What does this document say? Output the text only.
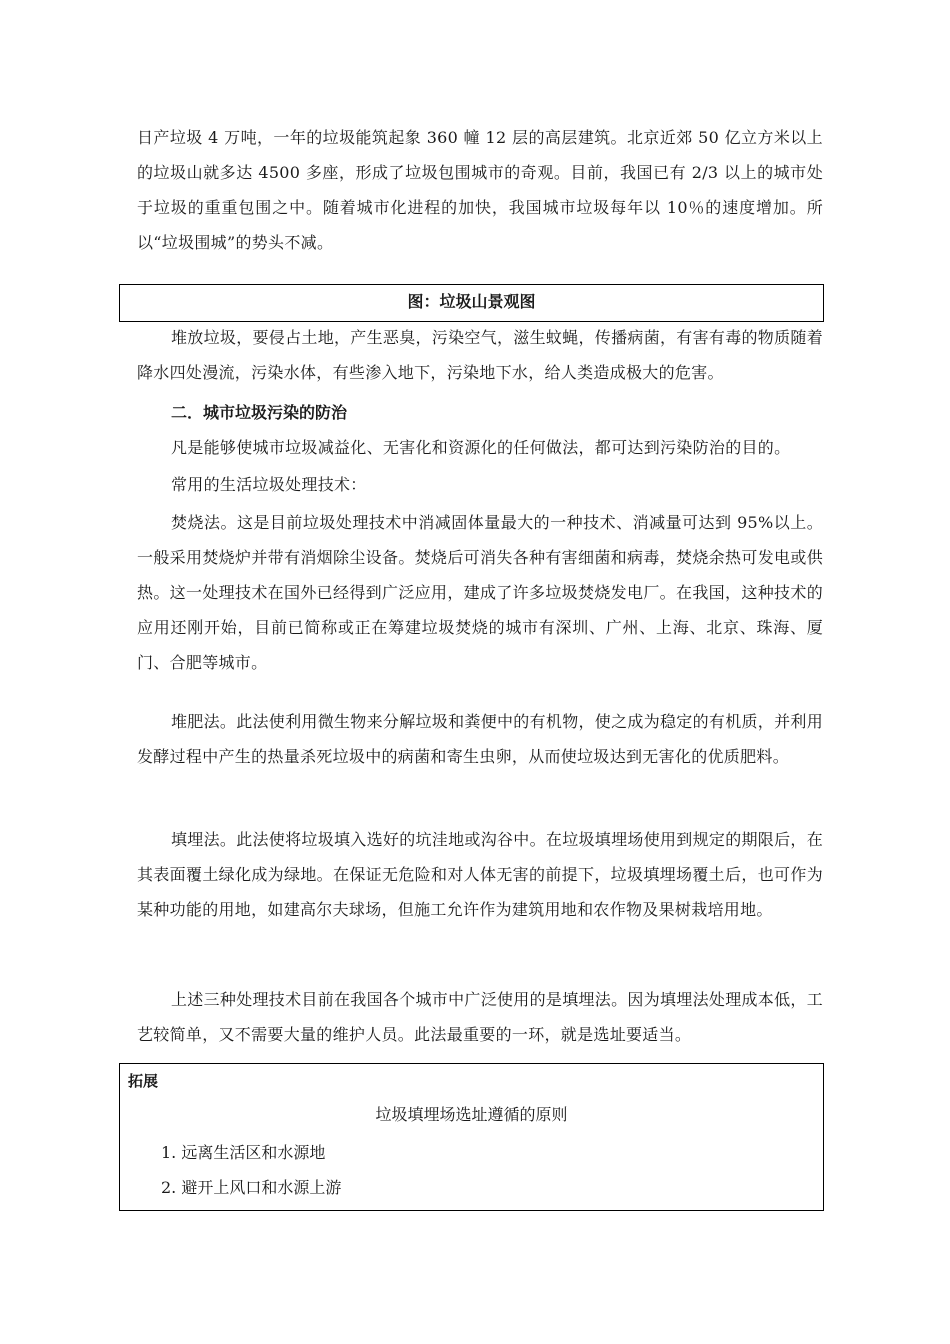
日产垃圾 4 万吨，一年的垃圾能筑起象 360 幢 12 层的高层建筑。北京近郊 50 亿立方米以上的垃圾山就多达 4500 多座，形成了垃圾包围城市的奇观。目前，我国已有 2/3 以上的城市处于垃圾的重重包围之中。随着城市化进程的加快，我国城市垃圾每年以 10％的速度增加。所以“垃圾围城”的势头不减。

图：垃圾山景观图

堆放垃圾，要侵占土地，产生恶臭，污染空气，滋生蚊蝇，传播病菌，有害有毒的物质随着降水四处漫流，污染水体，有些渗入地下，污染地下水，给人类造成极大的危害。

二．城市垃圾污染的防治

凡是能够使城市垃圾减益化、无害化和资源化的任何做法，都可达到污染防治的目的。

常用的生活垃圾处理技术：

焚烧法。这是目前垃圾处理技术中消减固体量最大的一种技术、消减量可达到 95%以上。一般采用焚烧炉并带有消烟除尘设备。焚烧后可消失各种有害细菌和病毒，焚烧余热可发电或供热。这一处理技术在国外已经得到广泛应用，建成了许多垃圾焚烧发电厂。在我国，这种技术的应用还刚开始，目前已简称或正在筹建垃圾焚烧的城市有深圳、广州、上海、北京、珠海、厦门、合肥等城市。

堆肥法。此法使利用微生物来分解垃圾和粪便中的有机物，使之成为稳定的有机质，并利用发酵过程中产生的热量杀死垃圾中的病菌和寄生虫卵，从而使垃圾达到无害化的优质肥料。

填埋法。此法使将垃圾填入选好的坑洼地或沟谷中。在垃圾填埋场使用到规定的期限后，在其表面覆土绿化成为绿地。在保证无危险和对人体无害的前提下，垃圾填埋场覆土后，也可作为某种功能的用地，如建高尔夫球场，但施工允许作为建筑用地和农作物及果树栽培用地。

上述三种处理技术目前在我国各个城市中广泛使用的是填埋法。因为填埋法处理成本低，工艺较简单，又不需要大量的维护人员。此法最重要的一环，就是选址要适当。

拓展
垃圾填埋场选址遵循的原则
1. 远离生活区和水源地
2. 避开上风口和水源上游
